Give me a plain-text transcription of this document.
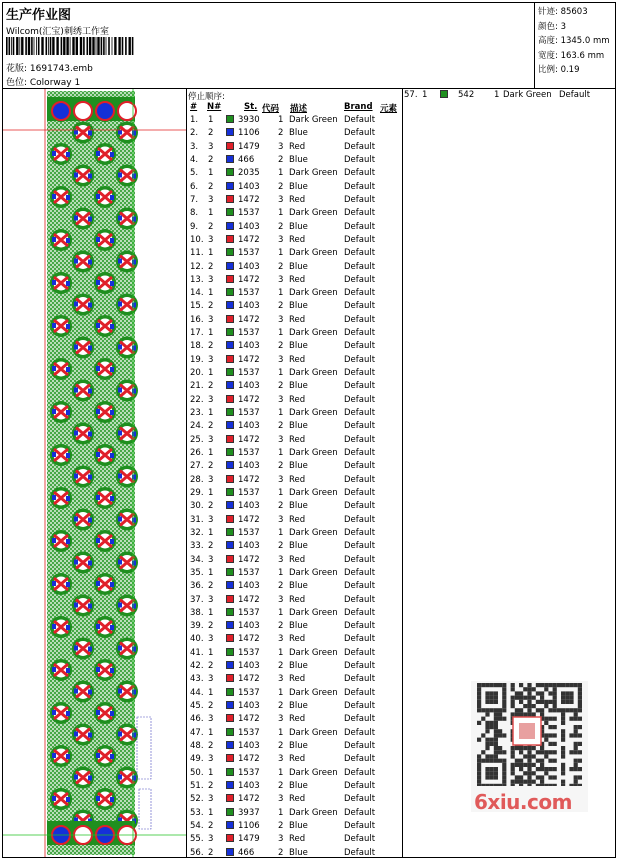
生产作业图
Wilcom(汇宝)刺绣工作室
花版: 1691743.emb
色位: Colorway 1
针迹: 85603
颜色: 3
高度: 1345.0 mm
宽度: 163.6 mm
比例: 0.19
停止顺序:
# N#	St. 代码 描述	Brand 元素
1. 1	3930 1 Dark Green Default
2. 2	1106 2 Blue	Default
3. 3	1479 3 Red	Default
4. 2	466	2 Blue	Default
5. 1	2035 1 Dark Green Default
6. 2	1403 2 Blue	Default
7. 3	1472 3 Red	Default
8. 1	1537 1 Dark Green Default
9. 2	1403 2 Blue	Default
10. 3	1472 3 Red	Default
11. 1	1537 1 Dark Green Default
12. 2	1403 2 Blue	Default
13. 3	1472 3 Red	Default
14. 1	1537 1 Dark Green Default
15. 2	1403 2 Blue	Default
16. 3	1472 3 Red	Default
17. 1	1537 1 Dark Green Default
18. 2	1403 2 Blue	Default
19. 3	1472 3 Red	Default
20. 1	1537 1 Dark Green Default
21. 2	1403 2 Blue	Default
22. 3	1472 3 Red	Default
23. 1	1537 1 Dark Green Default
24. 2	1403 2 Blue	Default
25. 3	1472 3 Red	Default
26. 1	1537 1 Dark Green Default
27. 2	1403 2 Blue	Default
28. 3	1472 3 Red	Default
29. 1	1537 1 Dark Green Default
30. 2	1403 2 Blue	Default
31. 3	1472 3 Red	Default
32. 1	1537 1 Dark Green Default
33. 2	1403 2 Blue	Default
34. 3	1472 3 Red	Default
35. 1	1537 1 Dark Green Default
36. 2	1403 2 Blue	Default
37. 3	1472 3 Red	Default
38. 1	1537 1 Dark Green Default
39. 2	1403 2 Blue	Default
40. 3	1472 3 Red	Default
41. 1	1537 1 Dark Green Default
42. 2	1403 2 Blue	Default
43. 3	1472 3 Red	Default
44. 1	1537 1 Dark Green Default
45. 2	1403 2 Blue	Default
46. 3	1472 3 Red	Default
47. 1	1537 1 Dark Green Default
48. 2	1403 2 Blue	Default
49. 3	1472 3 Red	Default
50. 1	1537 1 Dark Green Default
51. 2	1403 2 Blue	Default
52. 3	1472 3 Red	Default
53. 1	3937 1 Dark Green Default
54. 2	1106 2 Blue	Default
55. 3	1479 3 Red	Default
56. 2	466	2 Blue	Default
57. 1	542 1 Dark Green Default
6xiu.com
